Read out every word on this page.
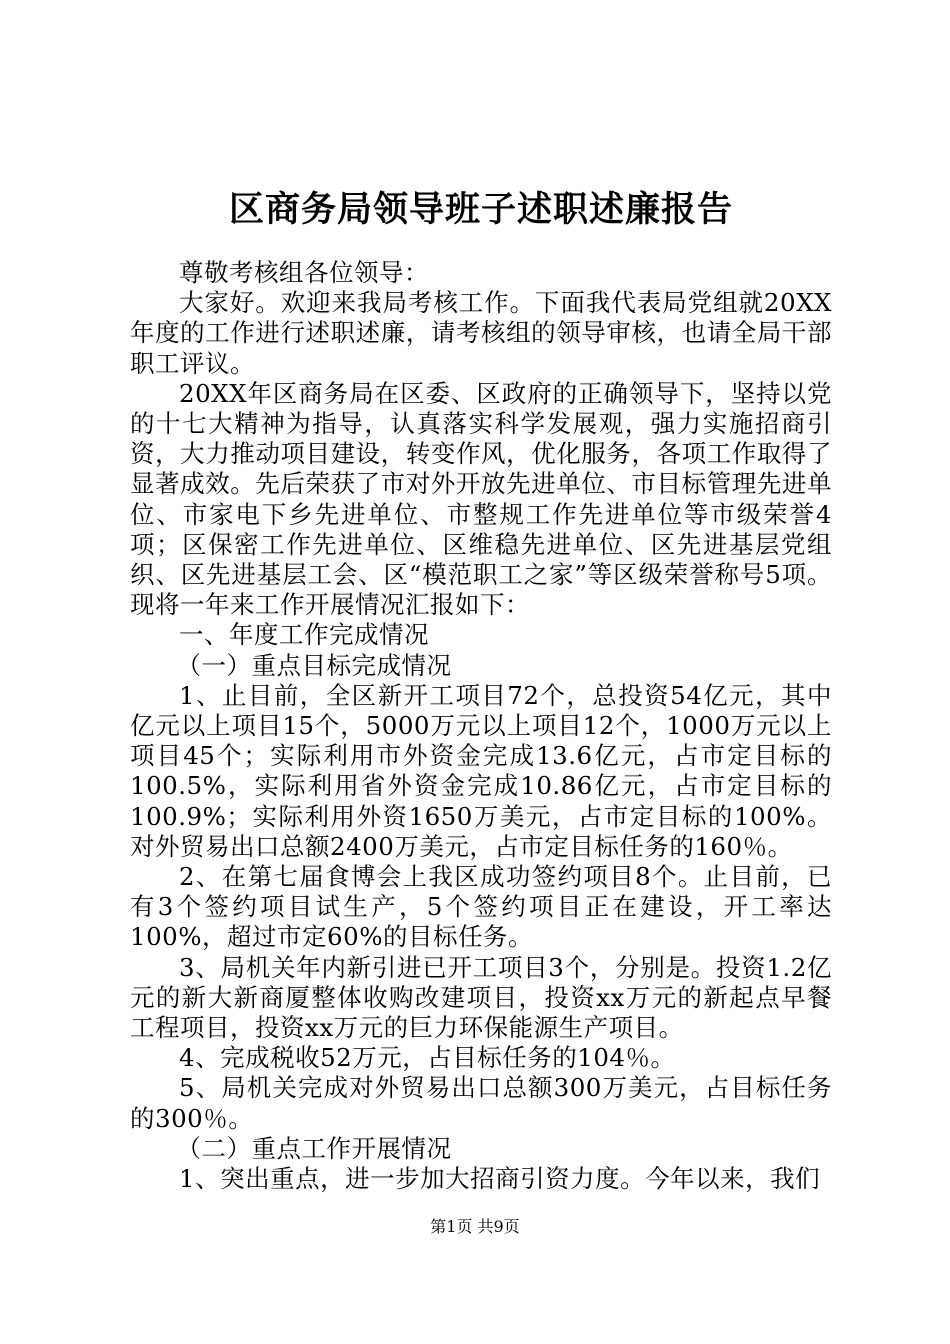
区商务局领导班子述职述廉报告

尊敬考核组各位领导：

大家好。欢迎来我局考核工作。下面我代表局党组就20XX年度的工作进行述职述廉，请考核组的领导审核，也请全局干部职工评议。

20XX年区商务局在区委、区政府的正确领导下，坚持以党的十七大精神为指导，认真落实科学发展观，强力实施招商引资，大力推动项目建设，转变作风，优化服务，各项工作取得了显著成效。先后荣获了市对外开放先进单位、市目标管理先进单位、市家电下乡先进单位、市整规工作先进单位等市级荣誉4项；区保密工作先进单位、区维稳先进单位、区先进基层党组织、区先进基层工会、区“模范职工之家”等区级荣誉称号5项。现将一年来工作开展情况汇报如下：

一、年度工作完成情况

（一）重点目标完成情况

1、止目前，全区新开工项目72个，总投资54亿元，其中亿元以上项目15个，5000万元以上项目12个，1000万元以上项目45个；实际利用市外资金完成13.6亿元，占市定目标的100.5%，实际利用省外资金完成10.86亿元，占市定目标的100.9%；实际利用外资1650万美元，占市定目标的100%。对外贸易出口总额2400万美元，占市定目标任务的160％。

2、在第七届食博会上我区成功签约项目8个。止目前，已有3个签约项目试生产，5个签约项目正在建设，开工率达100%，超过市定60%的目标任务。

3、局机关年内新引进已开工项目3个，分别是。投资1.2亿元的新大新商厦整体收购改建项目，投资xx万元的新起点早餐工程项目，投资xx万元的巨力环保能源生产项目。

4、完成税收52万元，占目标任务的104％。

5、局机关完成对外贸易出口总额300万美元，占目标任务的300％。

（二）重点工作开展情况

1、突出重点，进一步加大招商引资力度。今年以来，我们

第1页 共9页
